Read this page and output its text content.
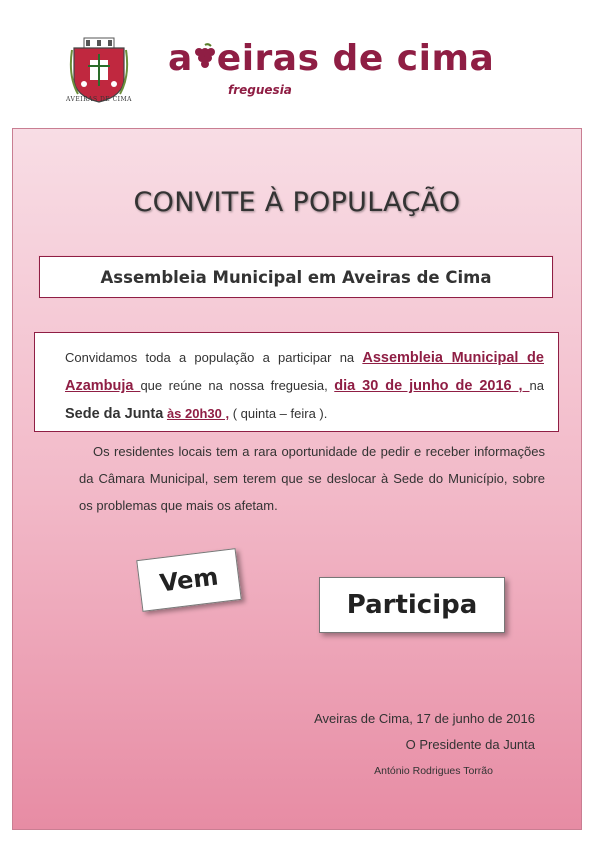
AVEIRAS DE CIMA
a eiras de cima
freguesia
CONVITE À POPULAÇÃO
Assembleia Municipal em Aveiras de Cima
Convidamos toda a população a participar na Assembleia Municipal de Azambuja que reúne na nossa freguesia, dia 30 de junho de 2016 , na Sede da Junta às 20h30 , ( quinta – feira ).
Os residentes locais tem a rara oportunidade de pedir e receber informações da Câmara Municipal, sem terem que se deslocar à Sede do Município, sobre os problemas que mais os afetam.
Vem
Participa
Aveiras de Cima, 17 de junho de 2016
O Presidente da Junta
António Rodrigues Torrão
